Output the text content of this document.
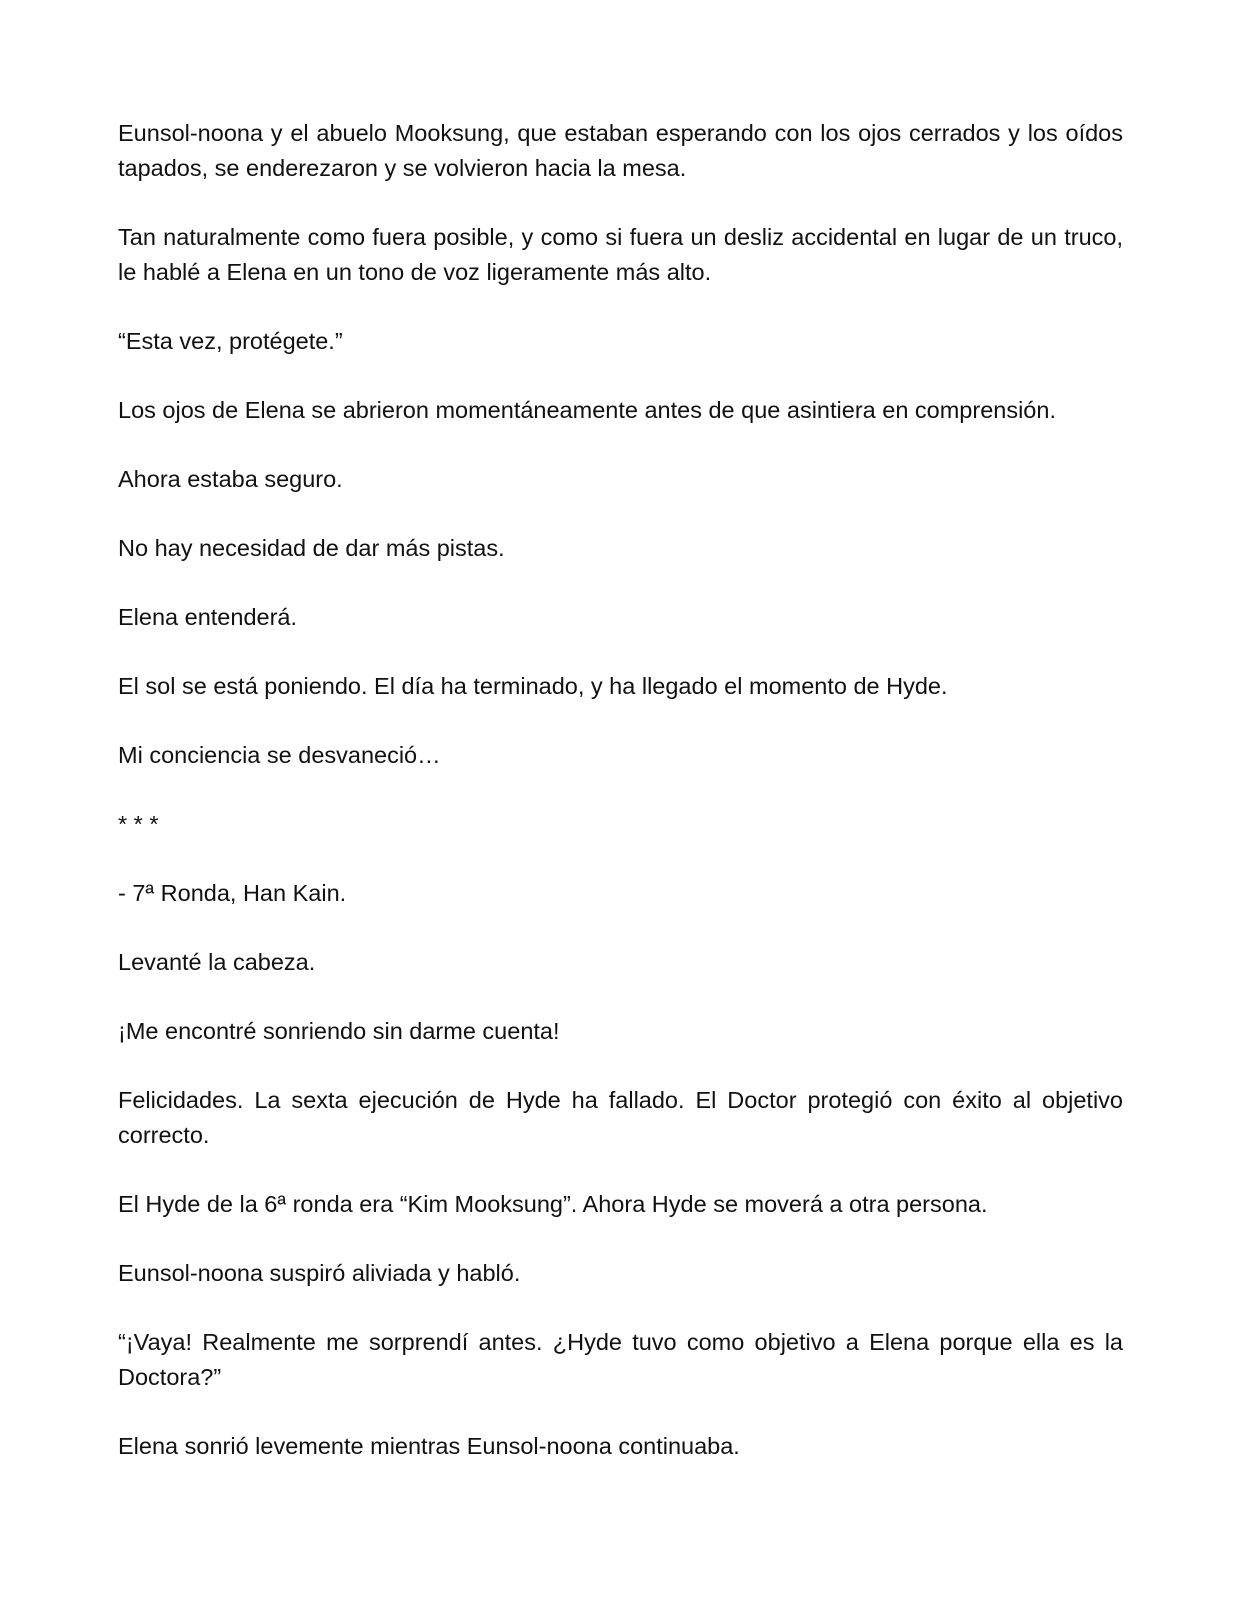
Eunsol-noona y el abuelo Mooksung, que estaban esperando con los ojos cerrados y los oídos tapados, se enderezaron y se volvieron hacia la mesa.

Tan naturalmente como fuera posible, y como si fuera un desliz accidental en lugar de un truco, le hablé a Elena en un tono de voz ligeramente más alto.

“Esta vez, protégete.”

Los ojos de Elena se abrieron momentáneamente antes de que asintiera en comprensión.

Ahora estaba seguro.

No hay necesidad de dar más pistas.

Elena entenderá.

El sol se está poniendo. El día ha terminado, y ha llegado el momento de Hyde.

Mi conciencia se desvaneció…

* * *

- 7ª Ronda, Han Kain.

Levanté la cabeza.

¡Me encontré sonriendo sin darme cuenta!

Felicidades. La sexta ejecución de Hyde ha fallado. El Doctor protegió con éxito al objetivo correcto.

El Hyde de la 6ª ronda era “Kim Mooksung”. Ahora Hyde se moverá a otra persona.

Eunsol-noona suspiró aliviada y habló.

“¡Vaya! Realmente me sorprendí antes. ¿Hyde tuvo como objetivo a Elena porque ella es la Doctora?”

Elena sonrió levemente mientras Eunsol-noona continuaba.
